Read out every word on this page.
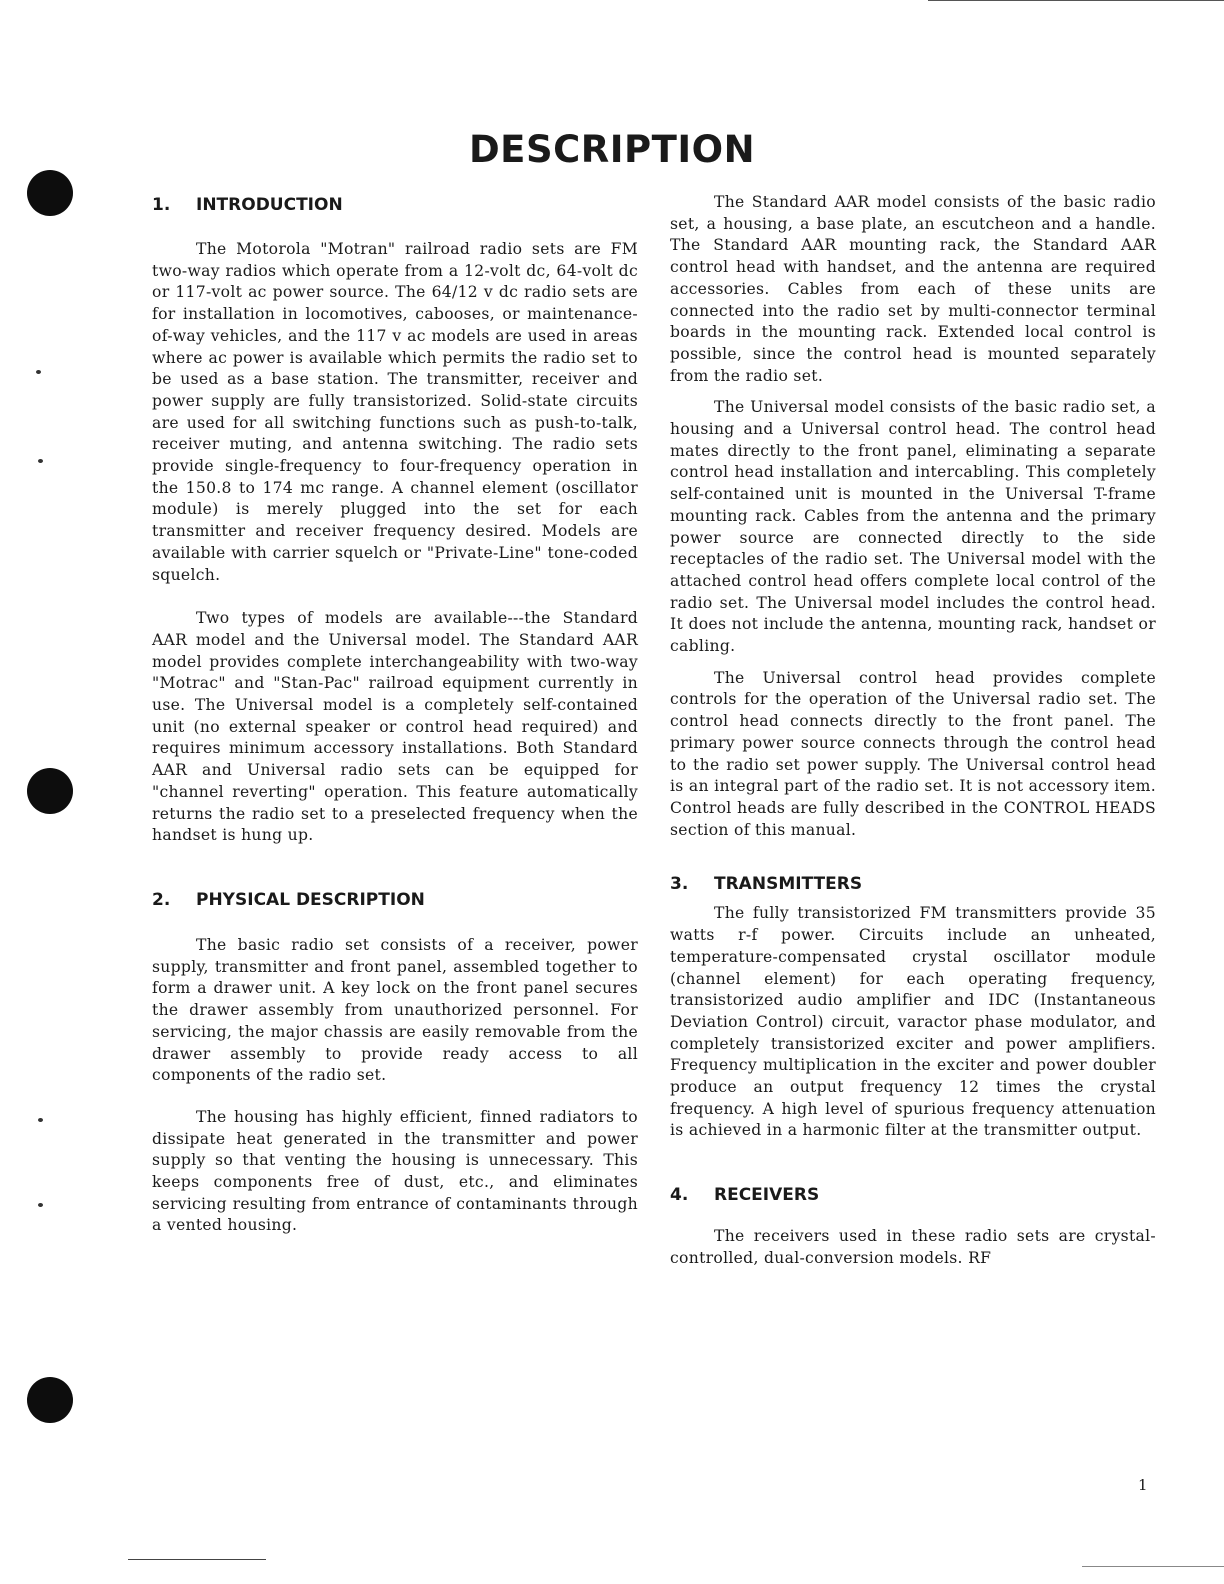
DESCRIPTION
1. INTRODUCTION

The Motorola "Motran" railroad radio sets are FM two-way radios which operate from a 12-volt dc, 64-volt dc or 117-volt ac power source. The 64/12 v dc radio sets are for installation in locomotives, cabooses, or maintenance-of-way vehicles, and the 117 v ac models are used in areas where ac power is available which permits the radio set to be used as a base station. The transmitter, receiver and power supply are fully transistorized. Solid-state circuits are used for all switching functions such as push-to-talk, receiver muting, and antenna switching. The radio sets provide single-frequency to four-frequency operation in the 150.8 to 174 mc range. A channel element (oscillator module) is merely plugged into the set for each transmitter and receiver frequency desired. Models are available with carrier squelch or "Private-Line" tone-coded squelch.

Two types of models are available---the Standard AAR model and the Universal model. The Standard AAR model provides complete interchangeability with two-way "Motrac" and "Stan-Pac" railroad equipment currently in use. The Universal model is a completely self-contained unit (no external speaker or control head required) and requires minimum accessory installations. Both Standard AAR and Universal radio sets can be equipped for "channel reverting" operation. This feature automatically returns the radio set to a preselected frequency when the handset is hung up.

2. PHYSICAL DESCRIPTION

The basic radio set consists of a receiver, power supply, transmitter and front panel, assembled together to form a drawer unit. A key lock on the front panel secures the drawer assembly from unauthorized personnel. For servicing, the major chassis are easily removable from the drawer assembly to provide ready access to all components of the radio set.

The housing has highly efficient, finned radiators to dissipate heat generated in the transmitter and power supply so that venting the housing is unnecessary. This keeps components free of dust, etc., and eliminates servicing resulting from entrance of contaminants through a vented housing.

The Standard AAR model consists of the basic radio set, a housing, a base plate, an escutcheon and a handle. The Standard AAR mounting rack, the Standard AAR control head with handset, and the antenna are required accessories. Cables from each of these units are connected into the radio set by multi-connector terminal boards in the mounting rack. Extended local control is possible, since the control head is mounted separately from the radio set.

The Universal model consists of the basic radio set, a housing and a Universal control head. The control head mates directly to the front panel, eliminating a separate control head installation and intercabling. This completely self-contained unit is mounted in the Universal T-frame mounting rack. Cables from the antenna and the primary power source are connected directly to the side receptacles of the radio set. The Universal model with the attached control head offers complete local control of the radio set. The Universal model includes the control head. It does not include the antenna, mounting rack, handset or cabling.

The Universal control head provides complete controls for the operation of the Universal radio set. The control head connects directly to the front panel. The primary power source connects through the control head to the radio set power supply. The Universal control head is an integral part of the radio set. It is not accessory item. Control heads are fully described in the CONTROL HEADS section of this manual.

3. TRANSMITTERS

The fully transistorized FM transmitters provide 35 watts r-f power. Circuits include an unheated, temperature-compensated crystal oscillator module (channel element) for each operating frequency, transistorized audio amplifier and IDC (Instantaneous Deviation Control) circuit, varactor phase modulator, and completely transistorized exciter and power amplifiers. Frequency multiplication in the exciter and power doubler produce an output frequency 12 times the crystal frequency. A high level of spurious frequency attenuation is achieved in a harmonic filter at the transmitter output.

4. RECEIVERS

The receivers used in these radio sets are crystal-controlled, dual-conversion models. RF

1
